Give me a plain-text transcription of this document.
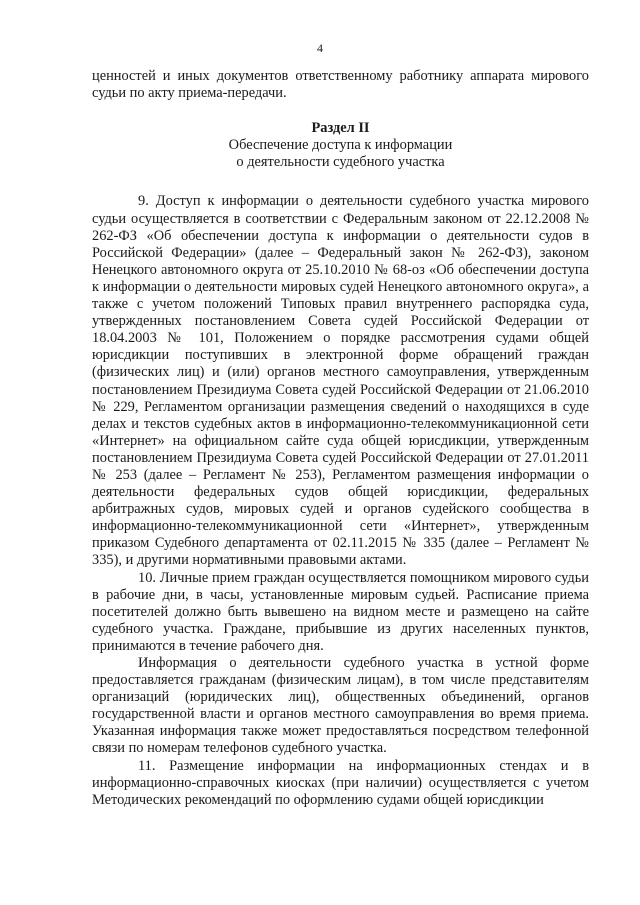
4

ценностей и иных документов ответственному работнику аппарата мирового судьи по акту приема-передачи.

Раздел II

Обеспечение доступа к информации

о деятельности судебного участка

9. Доступ к информации о деятельности судебного участка мирового судьи осуществляется в соответствии с Федеральным законом от 22.12.2008 № 262-ФЗ «Об обеспечении доступа к информации о деятельности судов в Российской Федерации» (далее – Федеральный закон № 262-ФЗ), законом Ненецкого автономного округа от 25.10.2010 № 68-оз «Об обеспечении доступа к информации о деятельности мировых судей Ненецкого автономного округа», а также с учетом положений Типовых правил внутреннего распорядка суда, утвержденных постановлением Совета судей Российской Федерации от 18.04.2003 № 101, Положением о порядке рассмотрения судами общей юрисдикции поступивших в электронной форме обращений граждан (физических лиц) и (или) органов местного самоуправления, утвержденным постановлением Президиума Совета судей Российской Федерации от 21.06.2010 № 229, Регламентом организации размещения сведений о находящихся в суде делах и текстов судебных актов в информационно-телекоммуникационной сети «Интернет» на официальном сайте суда общей юрисдикции, утвержденным постановлением Президиума Совета судей Российской Федерации от 27.01.2011 № 253 (далее – Регламент № 253), Регламентом размещения информации о деятельности федеральных судов общей юрисдикции, федеральных арбитражных судов, мировых судей и органов судейского сообщества в информационно-телекоммуникационной сети «Интернет», утвержденным приказом Судебного департамента от 02.11.2015 № 335 (далее – Регламент № 335), и другими нормативными правовыми актами.

10. Личные прием граждан осуществляется помощником мирового судьи в рабочие дни, в часы, установленные мировым судьей. Расписание приема посетителей должно быть вывешено на видном месте и размещено на сайте судебного участка. Граждане, прибывшие из других населенных пунктов, принимаются в течение рабочего дня.

Информация о деятельности судебного участка в устной форме предоставляется гражданам (физическим лицам), в том числе представителям организаций (юридических лиц), общественных объединений, органов государственной власти и органов местного самоуправления во время приема. Указанная информация также может предоставляться посредством телефонной связи по номерам телефонов судебного участка.

11. Размещение информации на информационных стендах и в информационно-справочных киосках (при наличии) осуществляется с учетом Методических рекомендаций по оформлению судами общей юрисдикции
